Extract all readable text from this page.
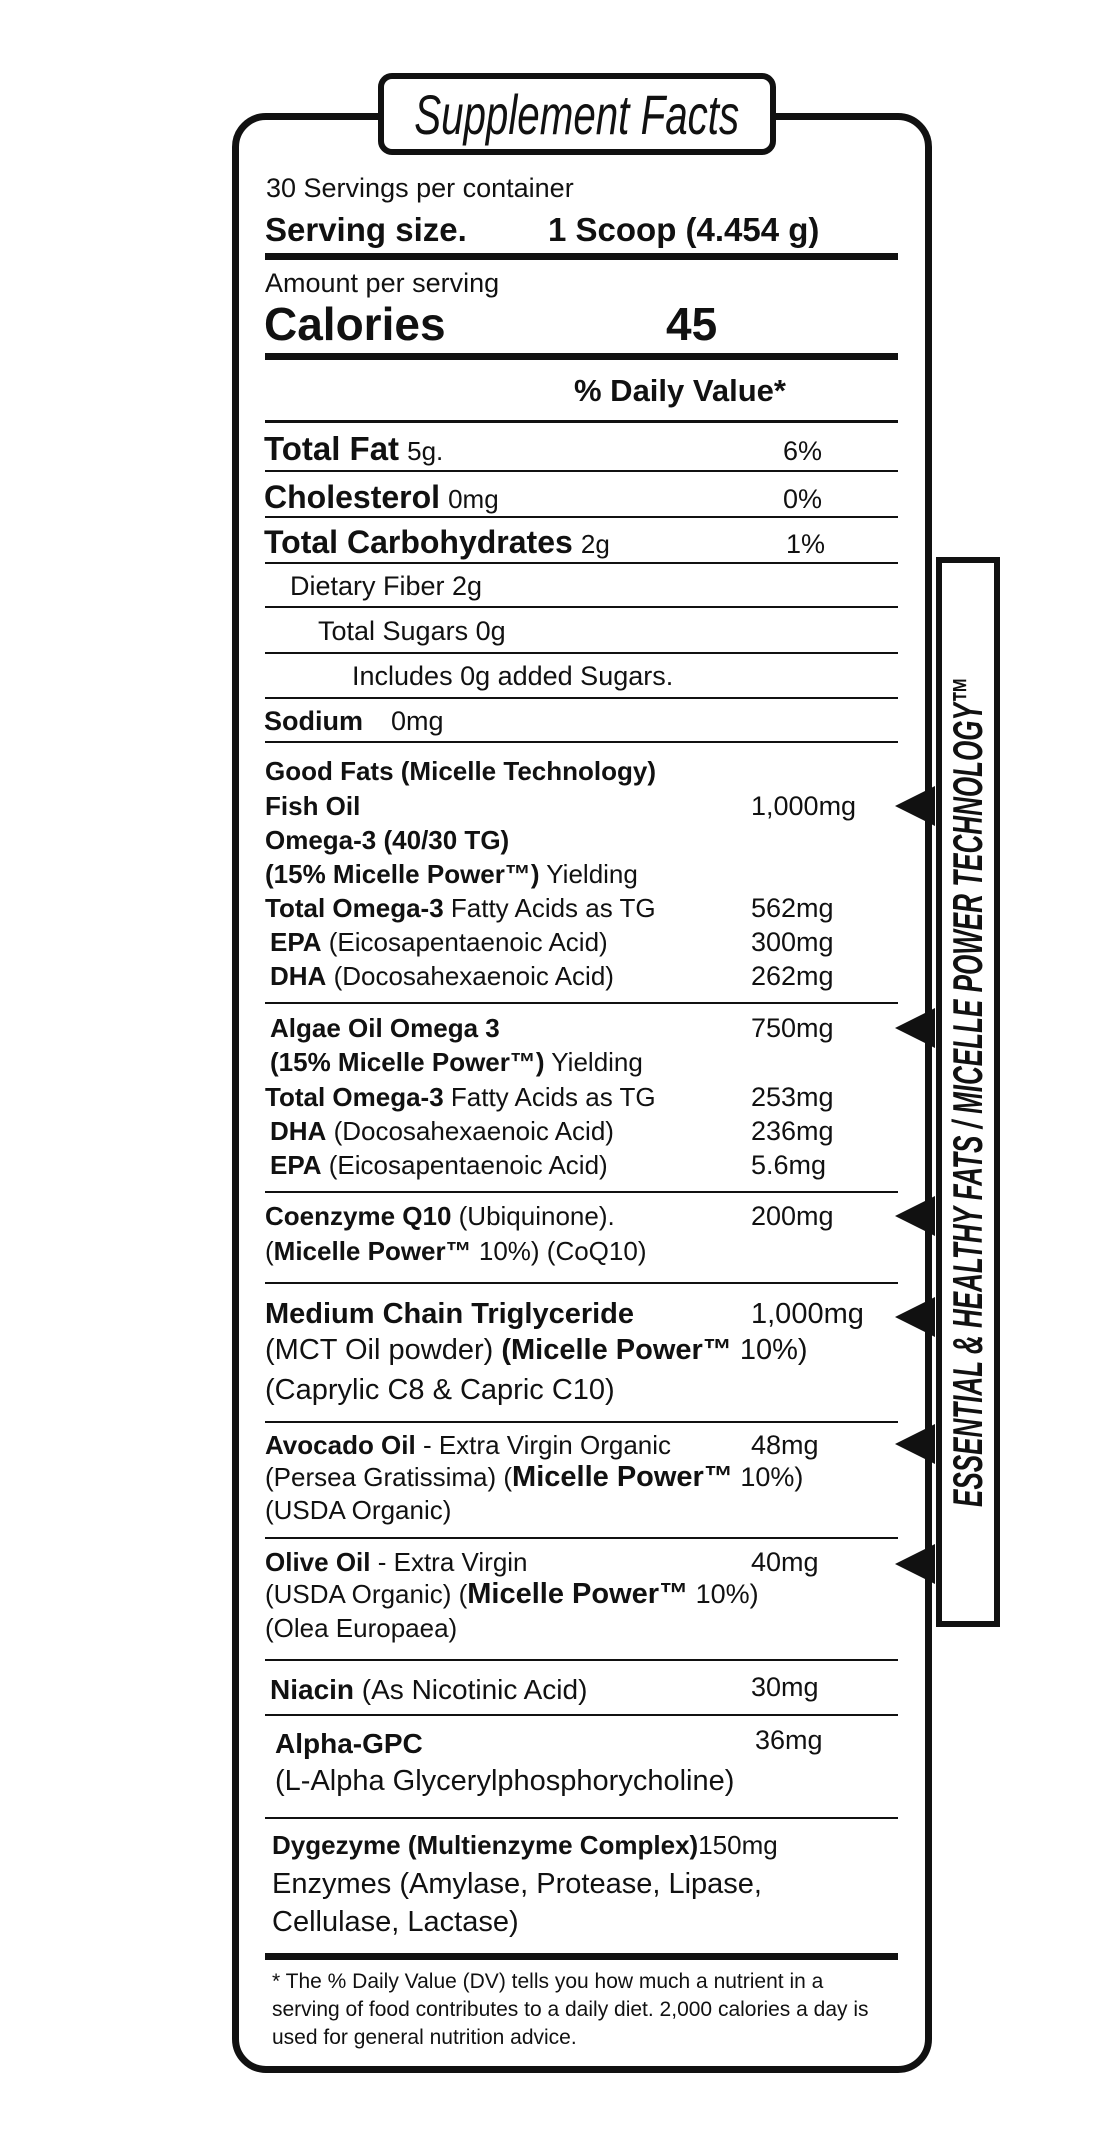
Supplement Facts
ESSENTIAL & HEALTHY FATS / MICELLE POWER TECHNOLOGY™
30 Servings per container
Serving size. 1 Scoop (4.454 g)
Amount per serving
Calories	45
% Daily Value*
Total Fat 5g.	6%
Cholesterol 0mg	0%
Total Carbohydrates 2g	1%
Dietary Fiber 2g
Total Sugars 0g
Includes 0g added Sugars.
Sodium 0mg
Good Fats (Micelle Technology)
Fish Oil	1,000mg
Omega-3 (40/30 TG)
(15% Micelle Power™) Yielding
Total Omega-3 Fatty Acids as TG	562mg
EPA (Eicosapentaenoic Acid)	300mg
DHA (Docosahexaenoic Acid)	262mg
Algae Oil Omega 3	750mg
(15% Micelle Power™) Yielding
Total Omega-3 Fatty Acids as TG	253mg
DHA (Docosahexaenoic Acid)	236mg
EPA (Eicosapentaenoic Acid)	5.6mg
Coenzyme Q10 (Ubiquinone).	200mg
(Micelle Power™ 10%) (CoQ10)
Medium Chain Triglyceride	1,000mg
(MCT Oil powder) (Micelle Power™ 10%)
(Caprylic C8 & Capric C10)
Avocado Oil - Extra Virgin Organic	48mg
(Persea Gratissima) (Micelle Power™ 10%)
(USDA Organic)
Olive Oil - Extra Virgin	40mg
(USDA Organic) (Micelle Power™ 10%)
(Olea Europaea)
Niacin (As Nicotinic Acid)	30mg
Alpha-GPC	36mg
(L-Alpha Glycerylphosphorycholine)
Dygezyme (Multienzyme Complex)150mg
Enzymes (Amylase, Protease, Lipase,
Cellulase, Lactase)
* The % Daily Value (DV) tells you how much a nutrient in a serving of food contributes to a daily diet. 2,000 calories a day is used for general nutrition advice.
